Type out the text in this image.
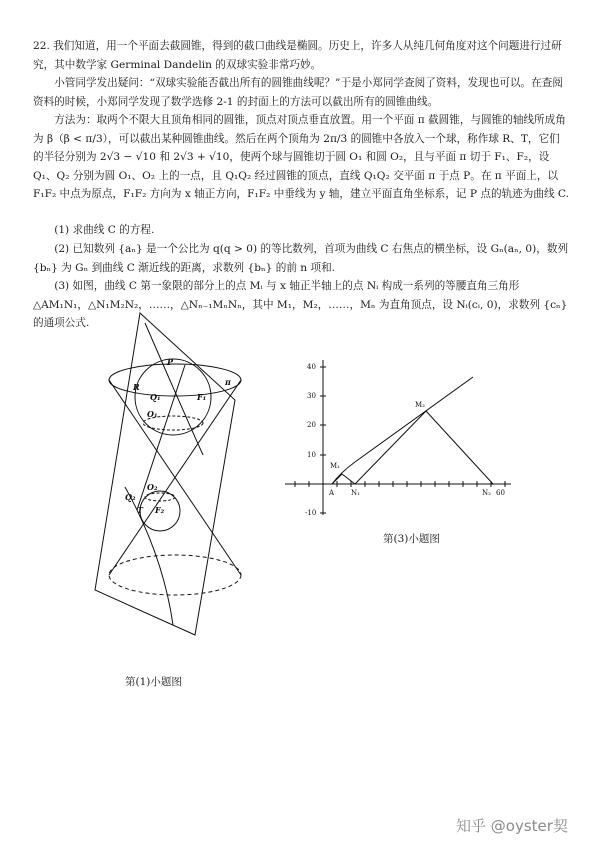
22. 我们知道，用一个平面去截圆锥，得到的截口曲线是椭圆。历史上，许多人从纯几何角度对这个问题进行过研究，其中数学家 Germinal Dandelin 的双球实验非常巧妙。

小管同学发出疑问：“双球实验能否截出所有的圆锥曲线呢？”于是小郑同学查阅了资料，发现也可以。在查阅资料的时候，小郑同学发现了数学选修 2-1 的封面上的方法可以截出所有的圆锥曲线。

方法为：取两个不限大且顶角相同的圆锥，顶点对顶点垂直放置。用一个平面 π 截圆锥，与圆锥的轴线所成角为 β（β < π/3），可以截出某种圆锥曲线。然后在两个顶角为 2π/3 的圆锥中各放入一个球，称作球 R、T，它们的半径分别为 2√3 − √10 和 2√3 + √10，使两个球与圆锥切于圆 O₁ 和圆 O₂，且与平面 π 切于 F₁、F₂，设 Q₁、Q₂ 分别为圆 O₁、O₂ 上的一点，且 Q₁Q₂ 经过圆锥的顶点，直线 Q₁Q₂ 交平面 π 于点 P。在 π 平面上，以 F₁F₂ 中点为原点，F₁F₂ 方向为 x 轴正方向，F₁F₂ 中垂线为 y 轴，建立平面直角坐标系，记 P 点的轨迹为曲线 C.

(1) 求曲线 C 的方程.

(2) 已知数列 {aₙ} 是一个公比为 q(q > 0) 的等比数列，首项为曲线 C 右焦点的横坐标，设 Gₙ(aₙ, 0)，数列 {bₙ} 为 Gₙ 到曲线 C 渐近线的距离，求数列 {bₙ} 的前 n 项和.

(3) 如图，曲线 C 第一象限的部分上的点 Mᵢ 与 x 轴正半轴上的点 Nᵢ 构成一系列的等腰直角三角形 △AM₁N₁，△N₁M₂N₂，……，△Nₙ₋₁MₙNₙ，其中 M₁，M₂，……，Mₙ 为直角顶点，设 Nᵢ(cᵢ, 0)，求数列 {cₙ} 的通项公式.

P
R
Q₁
O₁
F₁
π
O₂
Q₂
T F₂
第(1)小题图
40
30
20
10
-10
60
A N₁	N₂
M₁
M₂
第(3)小题图
知乎 @oyster契
